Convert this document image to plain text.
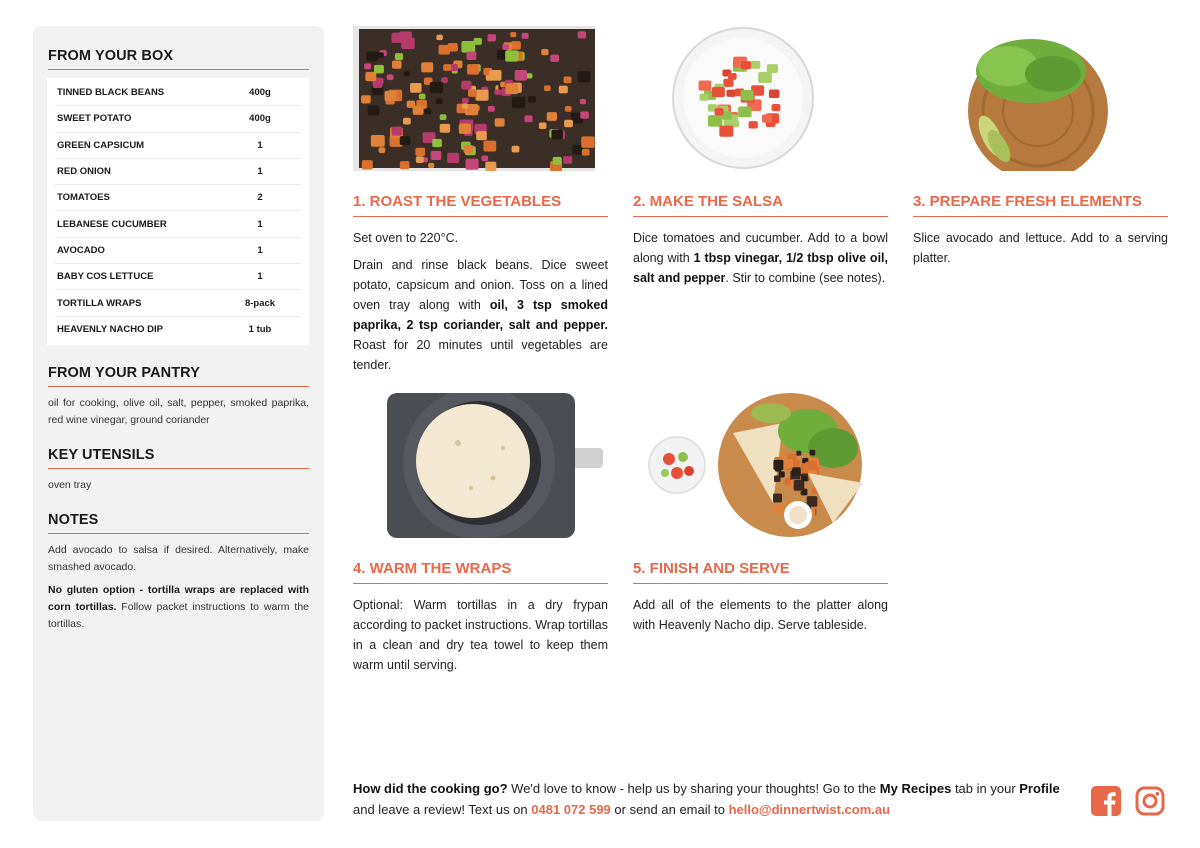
FROM YOUR BOX
TINNED BLACK BEANS	400g
SWEET POTATO	400g
GREEN CAPSICUM	1
RED ONION	1
TOMATOES	2
LEBANESE CUCUMBER	1
AVOCADO	1
BABY COS LETTUCE	1
TORTILLA WRAPS	8-pack
HEAVENLY NACHO DIP	1 tub
FROM YOUR PANTRY
oil for cooking, olive oil, salt, pepper, smoked paprika, red wine vinegar, ground coriander
KEY UTENSILS
oven tray
NOTES
Add avocado to salsa if desired. Alternatively, make smashed avocado.
No gluten option - tortilla wraps are replaced with corn tortillas. Follow packet instructions to warm the tortillas.
1. ROAST THE VEGETABLES

Set oven to 220°C.

Drain and rinse black beans. Dice sweet potato, capsicum and onion. Toss on a lined oven tray along with oil, 3 tsp smoked paprika, 2 tsp coriander, salt and pepper. Roast for 20 minutes until vegetables are tender.

2. MAKE THE SALSA

Dice tomatoes and cucumber. Add to a bowl along with 1 tbsp vinegar, 1/2 tbsp olive oil, salt and pepper. Stir to combine (see notes).

3. PREPARE FRESH ELEMENTS

Slice avocado and lettuce. Add to a serving platter.

4. WARM THE WRAPS

Optional: Warm tortillas in a dry frypan according to packet instructions. Wrap tortillas in a clean and dry tea towel to keep them warm until serving.

5. FINISH AND SERVE

Add all of the elements to the platter along with Heavenly Nacho dip. Serve tableside.

How did the cooking go? We'd love to know - help us by sharing your thoughts! Go to the My Recipes tab in your Profile and leave a review! Text us on 0481 072 599 or send an email to hello@dinnertwist.com.au
